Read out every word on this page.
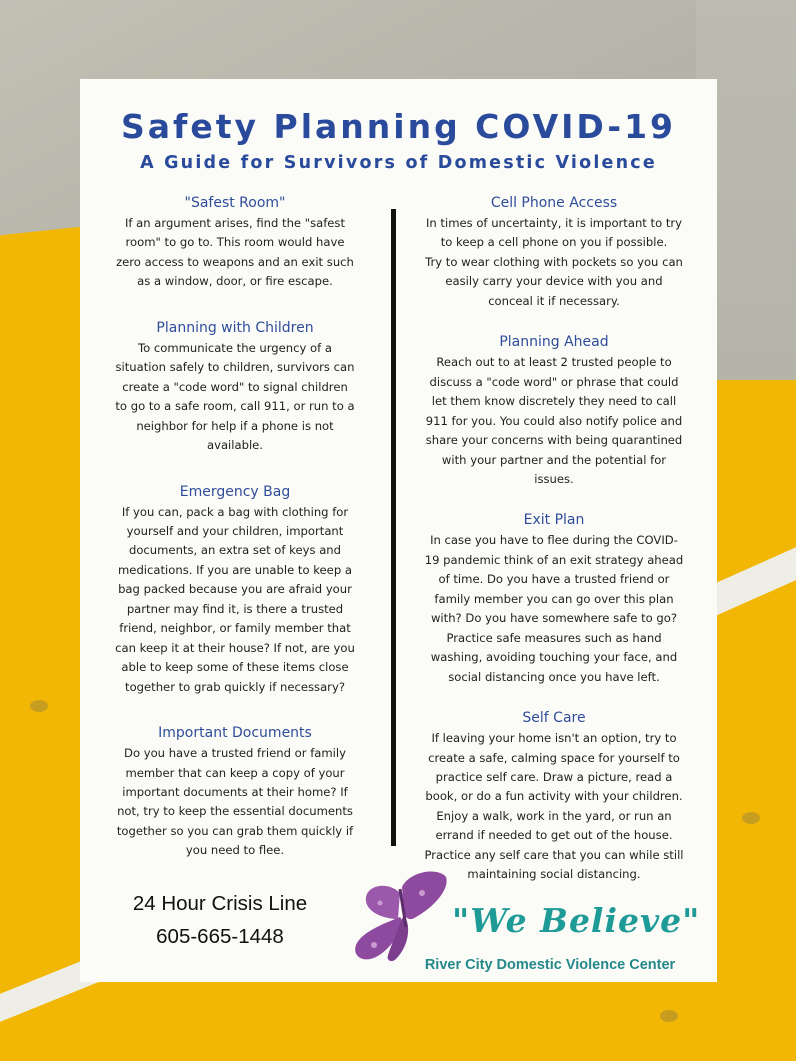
Safety Planning COVID-19
A Guide for Survivors of Domestic Violence

"Safest Room"

If an argument arises, find the "safest
room" to go to. This room would have
zero access to weapons and an exit such
as a window, door, or fire escape.

Planning with Children

To communicate the urgency of a
situation safely to children, survivors can
create a "code word" to signal children
to go to a safe room, call 911, or run to a
neighbor for help if a phone is not
available.

Emergency Bag

If you can, pack a bag with clothing for
yourself and your children, important
documents, an extra set of keys and
medications. If you are unable to keep a
bag packed because you are afraid your
partner may find it, is there a trusted
friend, neighbor, or family member that
can keep it at their house? If not, are you
able to keep some of these items close
together to grab quickly if necessary?

Important Documents

Do you have a trusted friend or family
member that can keep a copy of your
important documents at their home? If
not, try to keep the essential documents
together so you can grab them quickly if
you need to flee.

Cell Phone Access

In times of uncertainty, it is important to try
to keep a cell phone on you if possible.
Try to wear clothing with pockets so you can
easily carry your device with you and
conceal it if necessary.

Planning Ahead

Reach out to at least 2 trusted people to
discuss a "code word" or phrase that could
let them know discretely they need to call
911 for you. You could also notify police and
share your concerns with being quarantined
with your partner and the potential for
issues.

Exit Plan

In case you have to flee during the COVID-
19 pandemic think of an exit strategy ahead
of time. Do you have a trusted friend or
family member you can go over this plan
with? Do you have somewhere safe to go?
Practice safe measures such as hand
washing, avoiding touching your face, and
social distancing once you have left.

Self Care

If leaving your home isn't an option, try to
create a safe, calming space for yourself to
practice self care. Draw a picture, read a
book, or do a fun activity with your children.
Enjoy a walk, work in the yard, or run an
errand if needed to get out of the house.
Practice any self care that you can while still
maintaining social distancing.

24 Hour Crisis Line
605-665-1448	"We Believe"
River City Domestic Violence Center
